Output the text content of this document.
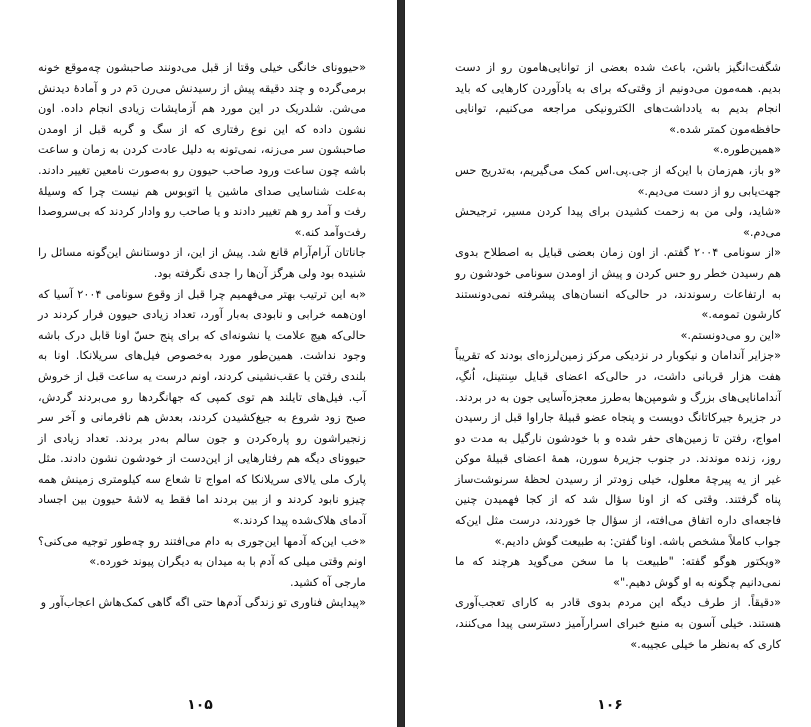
«حیوونای خانگی خیلی وقتا از قبل می‌دونند صاحبشون چه‌موقع خونه برمی‌گرده و چند دقیقه پیش از رسیدنش می‌رن دَم در و آمادهٔ دیدنش می‌شن. شلدریک در این مورد هم آزمایشات زیادی انجام داده. اون نشون داده که این نوع رفتاری که از سگ و گربه قبل از اومدن صاحبشون سر می‌زنه، نمی‌تونه به دلیل عادت کردن به زمان و ساعت باشه چون ساعت ورود صاحب حیوون رو به‌صورت نامعین تغییر دادند. به‌علت شناسایی صدای ماشین یا اتوبوس هم نیست چرا که وسیلهٔ رفت و آمد رو هم تغییر دادند و یا صاحب رو وادار کردند که بی‌سروصدا رفت‌وآمد کنه.»

جاناتان آرام‌آرام قانع شد. پیش از این، از دوستانش این‌گونه مسائل را شنیده بود ولی هرگز آن‌ها را جدی نگرفته بود.

«به این ترتیب بهتر می‌فهمیم چرا قبل از وقوع سونامی ۲۰۰۴ آسیا که اون‌همه خرابی و نابودی به‌بار آورد، تعداد زیادی حیوون فرار کردند در حالی‌که هیچ علامت یا نشونه‌ای که برای پنج حسّ اونا قابل درک باشه وجود نداشت. همین‌طور مورد به‌خصوص فیل‌های سریلانکا. اونا به بلندی رفتن یا عقب‌نشینی کردند، اونم درست یه ساعت قبل از خروش آب. فیل‌های تایلند هم توی کمپی که جهانگردها رو می‌بردند گردش، صبح زود شروع به جیغ‌کشیدن کردند، بعدش هم نافرمانی و آخر سر زنجیراشون رو پاره‌کردن و جون سالم به‌در بردند. تعداد زیادی از حیوونای دیگه هم رفتارهایی از این‌دست از خودشون نشون دادند. مثل پارک ملی یالای سریلانکا که امواج تا شعاع سه کیلومتری زمینش همه چیزو نابود کردند و از بین بردند اما فقط یه لاشهٔ حیوون بین اجساد آدمای هلاک‌شده پیدا کردند.»

«خب این‌که آدمها این‌جوری به دام می‌افتند رو چه‌طور توجیه می‌کنی؟ اونم وقتی میلی که آدم با به میدان به دیگران پیوند خورده.»

مارجی آه کشید.

«پیدایش فناوری تو زندگی آدم‌ها حتی اگه گاهی کمک‌هاش اعجاب‌آور و

۱۰۵

شگفت‌انگیز باشن، باعث شده بعضی از توانایی‌هامون رو از دست بدیم. همه‌مون می‌دونیم از وقتی‌که برای به یادآوردن کارهایی که باید انجام بدیم به یادداشت‌های الکترونیکی مراجعه می‌کنیم، توانایی حافظه‌مون کمتر شده.»

«همین‌طوره.»

«و باز، هم‌زمان با این‌که از جی.پی.اس کمک می‌گیریم، به‌تدریج حس جهت‌یابی رو از دست می‌دیم.»

«شاید، ولی من به زحمت کشیدن برای پیدا کردن مسیر، ترجیحش می‌دم.»

«از سونامی ۲۰۰۴ گفتم. از اون زمان بعضی قبایل به اصطلاح بدوی هم رسیدن خطر رو حس کردن و پیش از اومدن سونامی خودشون رو به ارتفاعات رسوندند، در حالی‌که انسان‌های پیشرفته نمی‌دونستند کارشون تمومه.»

«این رو می‌دونستم.»

«جزایر آندامان و نیکوبار در نزدیکی مرکز زمین‌لرزه‌ای بودند که تقریباً هفت هزار قربانی داشت، در حالی‌که اعضای قبایل سِنتینل، اُنگِ، آندامانایی‌های بزرگ و شومپن‌ها به‌طرز معجزه‌آسایی جون به در بردند. در جزیرهٔ جیرکاتانگ دویست و پنجاه عضو قبیلهٔ جاراوا قبل از رسیدن امواج، رفتن تا زمین‌های حفر شده و با خودشون نارگیل به مدت دو روز، زنده موندند. در جنوب جزیرهٔ سورن، همهٔ اعضای قبیلهٔ موکن غیر از یه پیرچهٔ معلول، خیلی زودتر از رسیدن لحظهٔ سرنوشت‌ساز پناه گرفتند. وقتی که از اونا سؤال شد که از کجا فهمیدن چنین فاجعه‌ای داره اتفاق می‌افته، از سؤال جا خوردند، درست مثل این‌که جواب کاملاً مشخص باشه. اونا گفتن: به طبیعت گوش دادیم.»

«ویکتور هوگو گفته: "طبیعت با ما سخن می‌گوید هرچند که ما نمی‌دانیم چگونه به او گوش دهیم."»

«دقیقاً. از طرف دیگه این مردم بدوی قادر به کارای تعجب‌آوری هستند. خیلی آسون به منبع خبرای اسرارآمیز دسترسی پیدا می‌کنند، کاری که به‌نظر ما خیلی عجیبه.»

۱۰۶
